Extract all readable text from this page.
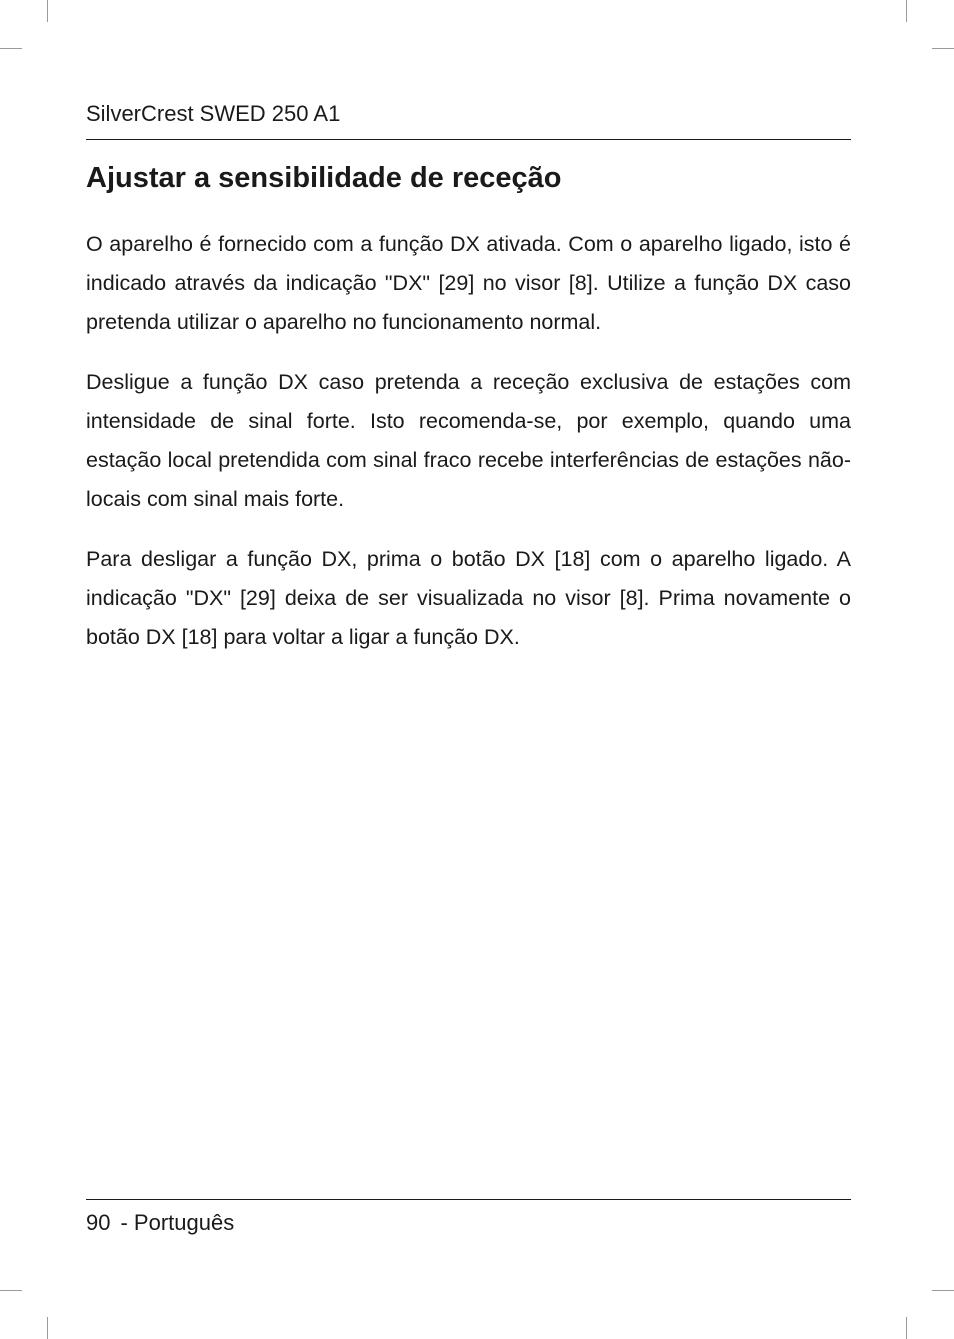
SilverCrest SWED 250 A1
Ajustar a sensibilidade de receção

O aparelho é fornecido com a função DX ativada. Com o aparelho ligado, isto é indicado através da indicação "DX" [29] no visor [8]. Utilize a função DX caso pretenda utilizar o aparelho no funcionamento normal.

Desligue a função DX caso pretenda a receção exclusiva de estações com intensidade de sinal forte. Isto recomenda-se, por exemplo, quando uma estação local pretendida com sinal fraco recebe interferências de estações não-locais com sinal mais forte.

Para desligar a função DX, prima o botão DX [18] com o aparelho ligado. A indicação "DX" [29] deixa de ser visualizada no visor [8]. Prima novamente o botão DX [18] para voltar a ligar a função DX.

90 - Português
